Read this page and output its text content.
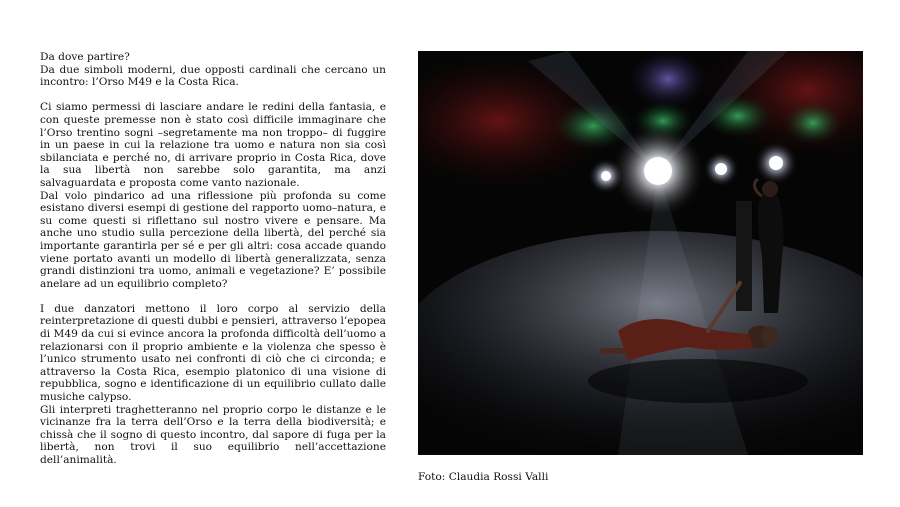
Da dove partire?

Da due simboli moderni, due opposti cardinali che cercano un incontro: l’Orso M49 e la Costa Rica.

Ci siamo permessi di lasciare andare le redini della fantasia, e con queste premesse non è stato così difficile immaginare che l’Orso trentino sogni –segretamente ma non troppo– di fuggire in un paese in cui la relazione tra uomo e natura non sia così sbilanciata e perché no, di arrivare proprio in Costa Rica, dove la sua libertà non sarebbe solo garantita, ma anzi salvaguardata e proposta come vanto nazionale.

Dal volo pindarico ad una riflessione più profonda su come esistano diversi esempi di gestione del rapporto uomo–natura, e su come questi si riflettano sul nostro vivere e pensare. Ma anche uno studio sulla percezione della libertà, del perché sia importante garantirla per sé e per gli altri: cosa accade quando viene portato avanti un modello di libertà generalizzata, senza grandi distinzioni tra uomo, animali e vegetazione? E’ possibile anelare ad un equilibrio completo?

I due danzatori mettono il loro corpo al servizio della reinterpretazione di questi dubbi e pensieri, attraverso l’epopea di M49 da cui si evince ancora la profonda difficoltà dell’uomo a relazionarsi con il proprio ambiente e la violenza che spesso è l’unico strumento usato nei confronti di ciò che ci circonda; e attraverso la Costa Rica, esempio platonico di una visione di repubblica, sogno e identificazione di un equilibrio cullato dalle musiche calypso.

Gli interpreti traghetteranno nel proprio corpo le distanze e le vicinanze fra la terra dell’Orso e la terra della biodiversità; e chissà che il sogno di questo incontro, dal sapore di fuga per la libertà, non trovi il suo equilibrio nell’accettazione dell’animalità.

Foto: Claudia Rossi Valli
